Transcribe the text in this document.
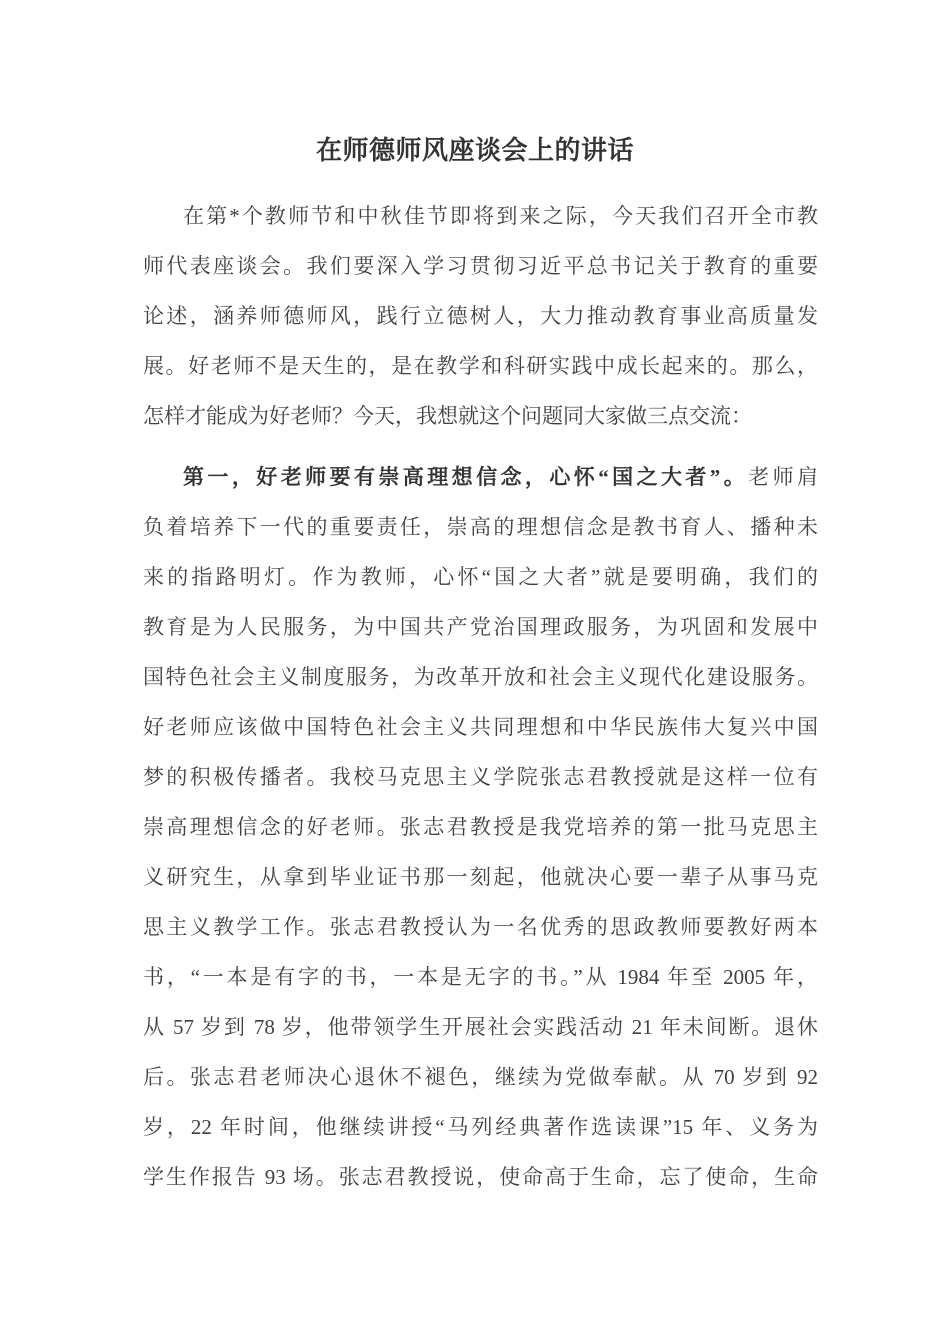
在师德师风座谈会上的讲话
在第*个教师节和中秋佳节即将到来之际，今天我们召开全市教
师代表座谈会。我们要深入学习贯彻习近平总书记关于教育的重要
论述，涵养师德师风，践行立德树人，大力推动教育事业高质量发
展。好老师不是天生的，是在教学和科研实践中成长起来的。那么，
怎样才能成为好老师？今天，我想就这个问题同大家做三点交流：
第一，好老师要有崇高理想信念，心怀“国之大者”。老师肩
负着培养下一代的重要责任，崇高的理想信念是教书育人、播种未
来的指路明灯。作为教师，心怀“国之大者”就是要明确，我们的
教育是为人民服务，为中国共产党治国理政服务，为巩固和发展中
国特色社会主义制度服务，为改革开放和社会主义现代化建设服务。
好老师应该做中国特色社会主义共同理想和中华民族伟大复兴中国
梦的积极传播者。我校马克思主义学院张志君教授就是这样一位有
崇高理想信念的好老师。张志君教授是我党培养的第一批马克思主
义研究生，从拿到毕业证书那一刻起，他就决心要一辈子从事马克
思主义教学工作。张志君教授认为一名优秀的思政教师要教好两本
书，“一本是有字的书，一本是无字的书。”从 1984 年至 2005 年，
从 57 岁到 78 岁，他带领学生开展社会实践活动 21 年未间断。退休
后。张志君老师决心退休不褪色，继续为党做奉献。从 70 岁到 92
岁，22 年时间，他继续讲授“马列经典著作选读课”15 年、义务为
学生作报告 93 场。张志君教授说，使命高于生命，忘了使命，生命
